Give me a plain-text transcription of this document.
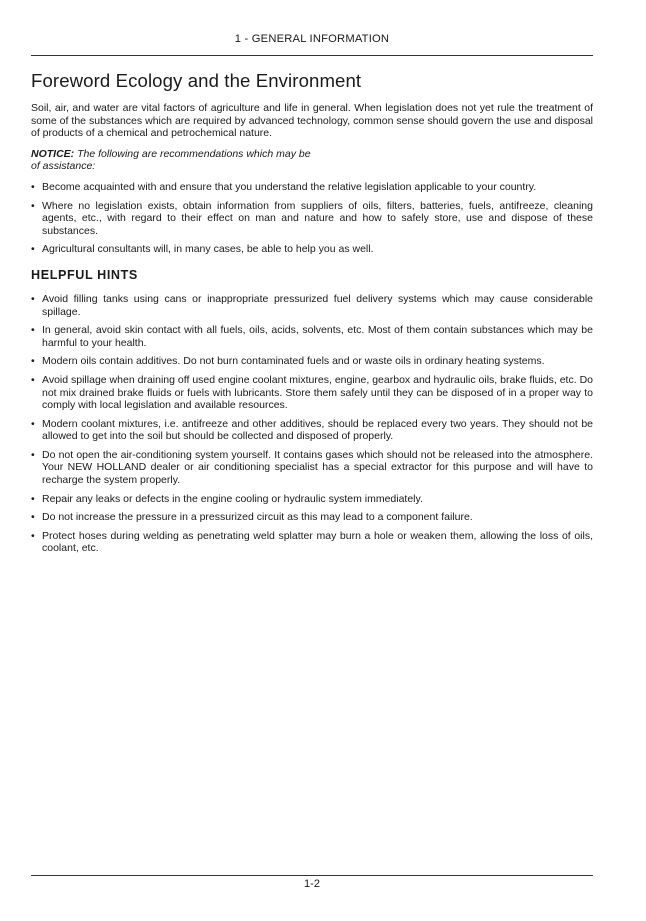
1 - GENERAL INFORMATION
Foreword Ecology and the Environment

Soil, air, and water are vital factors of agriculture and life in general. When legislation does not yet rule the treatment of some of the substances which are required by advanced technology, common sense should govern the use and disposal of products of a chemical and petrochemical nature.

NOTICE: The following are recommendations which may be of assistance:

• Become acquainted with and ensure that you understand the relative legislation applicable to your country.
• Where no legislation exists, obtain information from suppliers of oils, filters, batteries, fuels, antifreeze, cleaning agents, etc., with regard to their effect on man and nature and how to safely store, use and dispose of these substances.
• Agricultural consultants will, in many cases, be able to help you as well.
HELPFUL HINTS
• Avoid filling tanks using cans or inappropriate pressurized fuel delivery systems which may cause considerable spillage.
• In general, avoid skin contact with all fuels, oils, acids, solvents, etc. Most of them contain substances which may be harmful to your health.
• Modern oils contain additives. Do not burn contaminated fuels and or waste oils in ordinary heating systems.
• Avoid spillage when draining off used engine coolant mixtures, engine, gearbox and hydraulic oils, brake fluids, etc. Do not mix drained brake fluids or fuels with lubricants. Store them safely until they can be disposed of in a proper way to comply with local legislation and available resources.
• Modern coolant mixtures, i.e. antifreeze and other additives, should be replaced every two years. They should not be allowed to get into the soil but should be collected and disposed of properly.
• Do not open the air-conditioning system yourself. It contains gases which should not be released into the atmosphere. Your NEW HOLLAND dealer or air conditioning specialist has a special extractor for this purpose and will have to recharge the system properly.
• Repair any leaks or defects in the engine cooling or hydraulic system immediately.
• Do not increase the pressure in a pressurized circuit as this may lead to a component failure.
• Protect hoses during welding as penetrating weld splatter may burn a hole or weaken them, allowing the loss of oils, coolant, etc.
1-2
